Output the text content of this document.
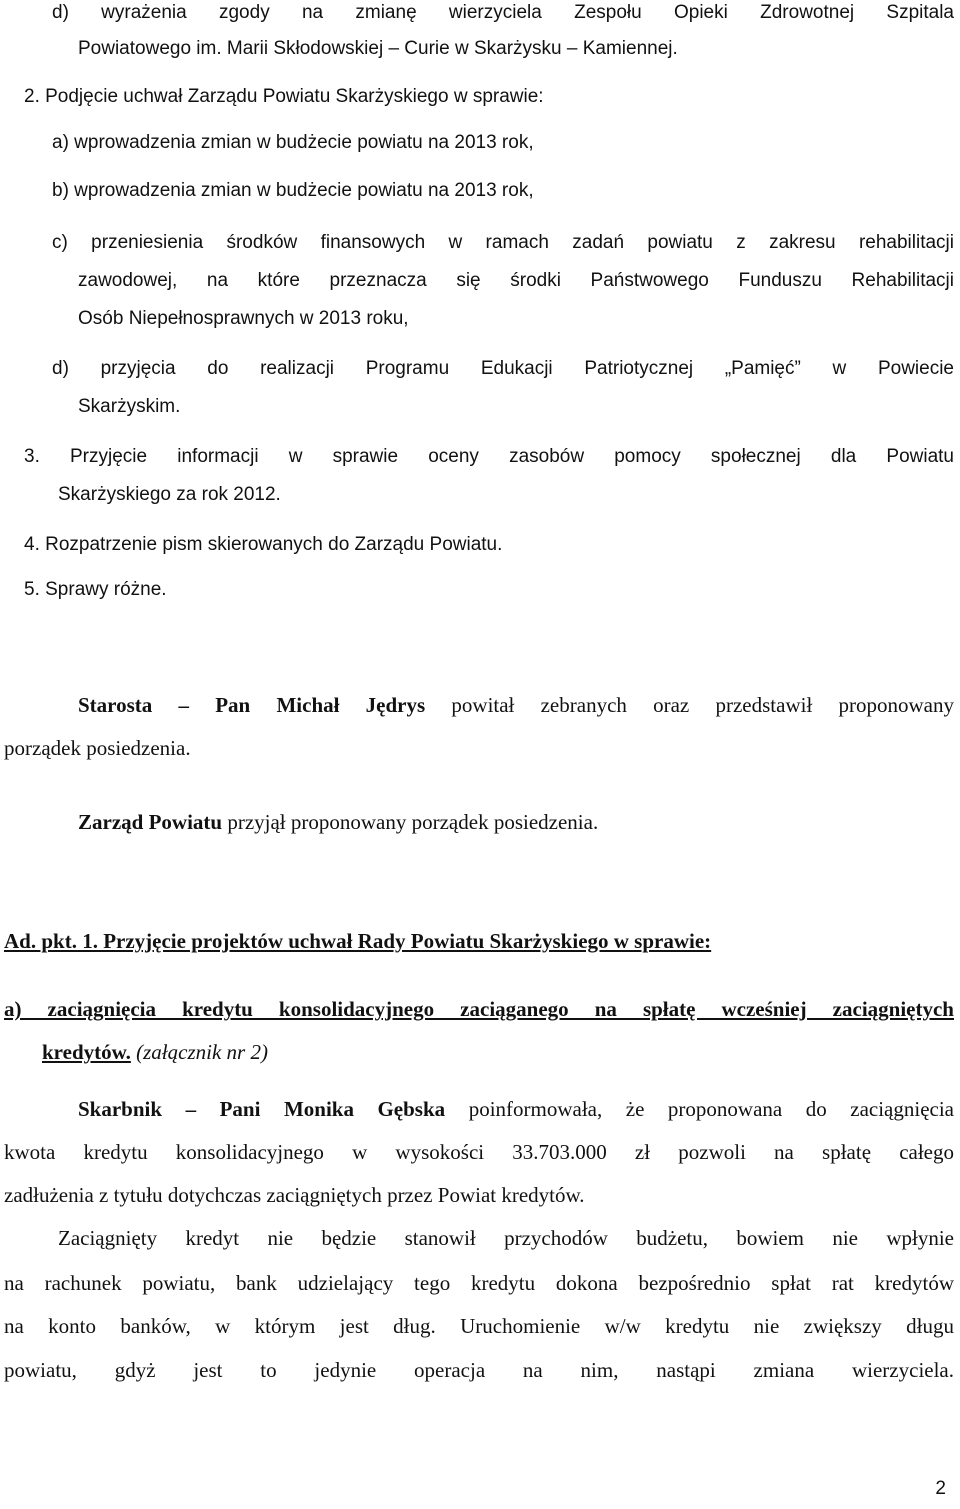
d) wyrażenia zgody na zmianę wierzyciela Zespołu Opieki Zdrowotnej Szpitala
Powiatowego im. Marii Skłodowskiej – Curie w Skarżysku – Kamiennej.
2. Podjęcie uchwał Zarządu Powiatu Skarżyskiego w sprawie:
a) wprowadzenia zmian w budżecie powiatu na 2013 rok,
b) wprowadzenia zmian w budżecie powiatu na 2013 rok,
c) przeniesienia środków finansowych w ramach zadań powiatu z zakresu rehabilitacji
zawodowej, na które przeznacza się środki Państwowego Funduszu Rehabilitacji
Osób Niepełnosprawnych w 2013 roku,
d) przyjęcia do realizacji Programu Edukacji Patriotycznej „Pamięć” w Powiecie
Skarżyskim.
3. Przyjęcie informacji w sprawie oceny zasobów pomocy społecznej dla Powiatu
Skarżyskiego za rok 2012.
4. Rozpatrzenie pism skierowanych do Zarządu Powiatu.
5. Sprawy różne.
Starosta – Pan Michał Jędrys powitał zebranych oraz przedstawił proponowany
porządek posiedzenia.
Zarząd Powiatu przyjął proponowany porządek posiedzenia.
Ad. pkt. 1. Przyjęcie projektów uchwał Rady Powiatu Skarżyskiego w sprawie:
a) zaciągnięcia kredytu konsolidacyjnego zaciąganego na spłatę wcześniej zaciągniętych
kredytów. (załącznik nr 2)
Skarbnik – Pani Monika Gębska poinformowała, że proponowana do zaciągnięcia
kwota kredytu konsolidacyjnego w wysokości 33.703.000 zł pozwoli na spłatę całego
zadłużenia z tytułu dotychczas zaciągniętych przez Powiat kredytów.
Zaciągnięty kredyt nie będzie stanowił przychodów budżetu, bowiem nie wpłynie
na rachunek powiatu, bank udzielający tego kredytu dokona bezpośrednio spłat rat kredytów
na konto banków, w którym jest dług. Uruchomienie w/w kredytu nie zwiększy długu
powiatu, gdyż jest to jedynie operacja na nim, nastąpi zmiana wierzyciela.
2
